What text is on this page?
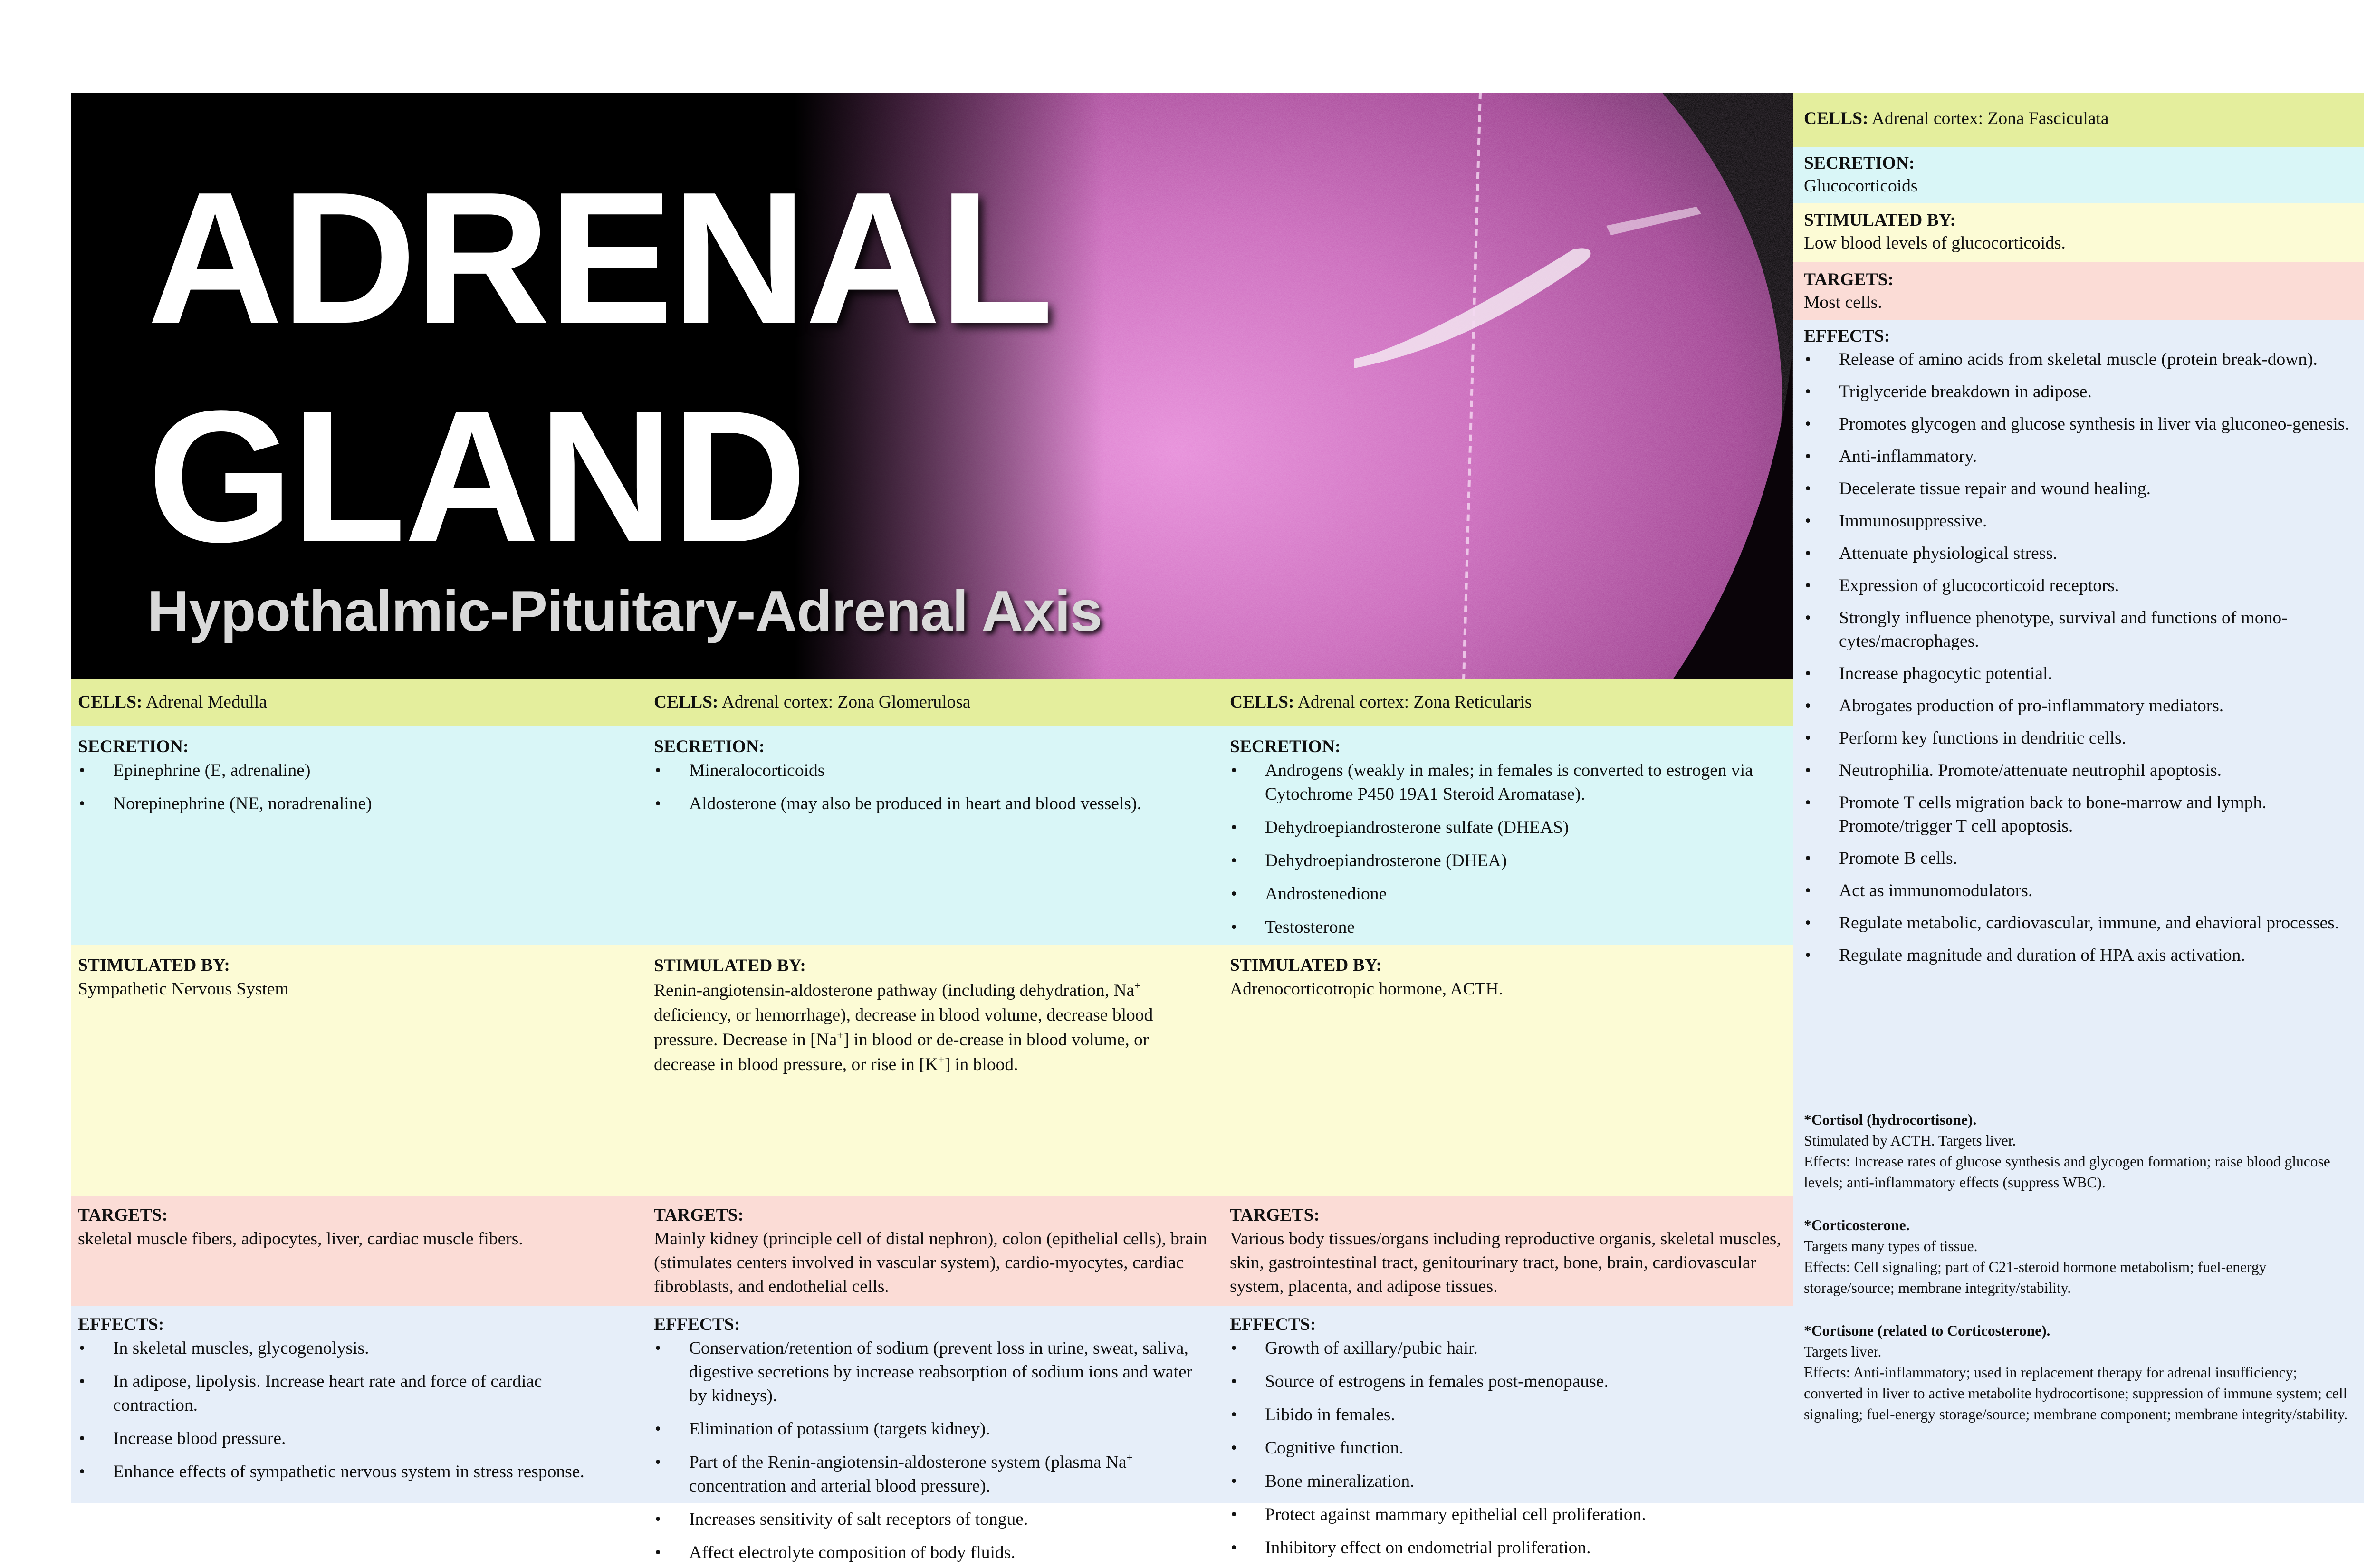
ADRENAL
GLAND
Hypothalmic-Pituitary-Adrenal Axis
CELLS: Adrenal Medulla	CELLS: Adrenal cortex: Zona Glomerulosa	CELLS: Adrenal cortex: Zona Reticularis
SECRETION:
• Epinephrine (E, adrenaline)
• Norepinephrine (NE, noradrenaline)
SECRETION:
• Mineralocorticoids
• Aldosterone (may also be produced in heart and blood vessels).
SECRETION:
• Androgens (weakly in males; in females is converted to estrogen via Cytochrome P450 19A1 Steroid Aromatase).
• Dehydroepiandrosterone sulfate (DHEAS)
• Dehydroepiandrosterone (DHEA)
• Androstenedione
• Testosterone
STIMULATED BY:
Sympathetic Nervous System
STIMULATED BY:
Renin-angiotensin-aldosterone pathway (including dehydration, Na+ deficiency, or hemorrhage), decrease in blood volume, decrease blood pressure. Decrease in [Na+] in blood or de-crease in blood volume, or decrease in blood pressure, or rise in [K+] in blood.
STIMULATED BY:
Adrenocorticotropic hormone, ACTH.
TARGETS:
skeletal muscle fibers, adipocytes, liver, cardiac muscle fibers.
TARGETS:
Mainly kidney (principle cell of distal nephron), colon (epithelial cells), brain (stimulates centers involved in vascular system), cardio-myocytes, cardiac fibroblasts, and endothelial cells.
TARGETS:
Various body tissues/organs including reproductive organis, skeletal muscles, skin, gastrointestinal tract, genitourinary tract, bone, brain, cardiovascular system, placenta, and adipose tissues.
EFFECTS:
• In skeletal muscles, glycogenolysis.
• In adipose, lipolysis. Increase heart rate and force of cardiac contraction.
• Increase blood pressure.
• Enhance effects of sympathetic nervous system in stress response.
EFFECTS:
• Conservation/retention of sodium (prevent loss in urine, sweat, saliva, digestive secretions by increase reabsorption of sodium ions and water by kidneys).
• Elimination of potassium (targets kidney).
• Part of the Renin-angiotensin-aldosterone system (plasma Na+ concentration and arterial blood pressure).
• Increases sensitivity of salt receptors of tongue.
• Affect electrolyte composition of body fluids.
EFFECTS:
• Growth of axillary/pubic hair.
• Source of estrogens in females post-menopause.
• Libido in females.
• Cognitive function.
• Bone mineralization.
• Protect against mammary epithelial cell proliferation.
• Inhibitory effect on endometrial proliferation.
CELLS: Adrenal cortex: Zona Fasciculata
SECRETION:
Glucocorticoids
STIMULATED BY:
Low blood levels of glucocorticoids.
TARGETS:
Most cells.
EFFECTS:
• Release of amino acids from skeletal muscle (protein break-down).
• Triglyceride breakdown in adipose.
• Promotes glycogen and glucose synthesis in liver via gluconeo-genesis.
• Anti-inflammatory.
• Decelerate tissue repair and wound healing.
• Immunosuppressive.
• Attenuate physiological stress.
• Expression of glucocorticoid receptors.
• Strongly influence phenotype, survival and functions of mono-cytes/macrophages.
• Increase phagocytic potential.
• Abrogates production of pro-inflammatory mediators.
• Perform key functions in dendritic cells.
• Neutrophilia. Promote/attenuate neutrophil apoptosis.
• Promote T cells migration back to bone-marrow and lymph. Promote/trigger T cell apoptosis.
• Promote B cells.
• Act as immunomodulators.
• Regulate metabolic, cardiovascular, immune, and ehavioral processes.
• Regulate magnitude and duration of HPA axis activation.
*Cortisol (hydrocortisone).
Stimulated by ACTH. Targets liver.
Effects: Increase rates of glucose synthesis and glycogen formation; raise blood glucose levels; anti-inflammatory effects (suppress WBC).
*Corticosterone.
Targets many types of tissue.
Effects: Cell signaling; part of C21-steroid hormone metabolism; fuel-energy storage/source; membrane integrity/stability.
*Cortisone (related to Corticosterone).
Targets liver.
Effects: Anti-inflammatory; used in replacement therapy for adrenal insufficiency; converted in liver to active metabolite hydrocortisone; suppression of immune system; cell signaling; fuel-energy storage/source; membrane component; membrane integrity/stability.
